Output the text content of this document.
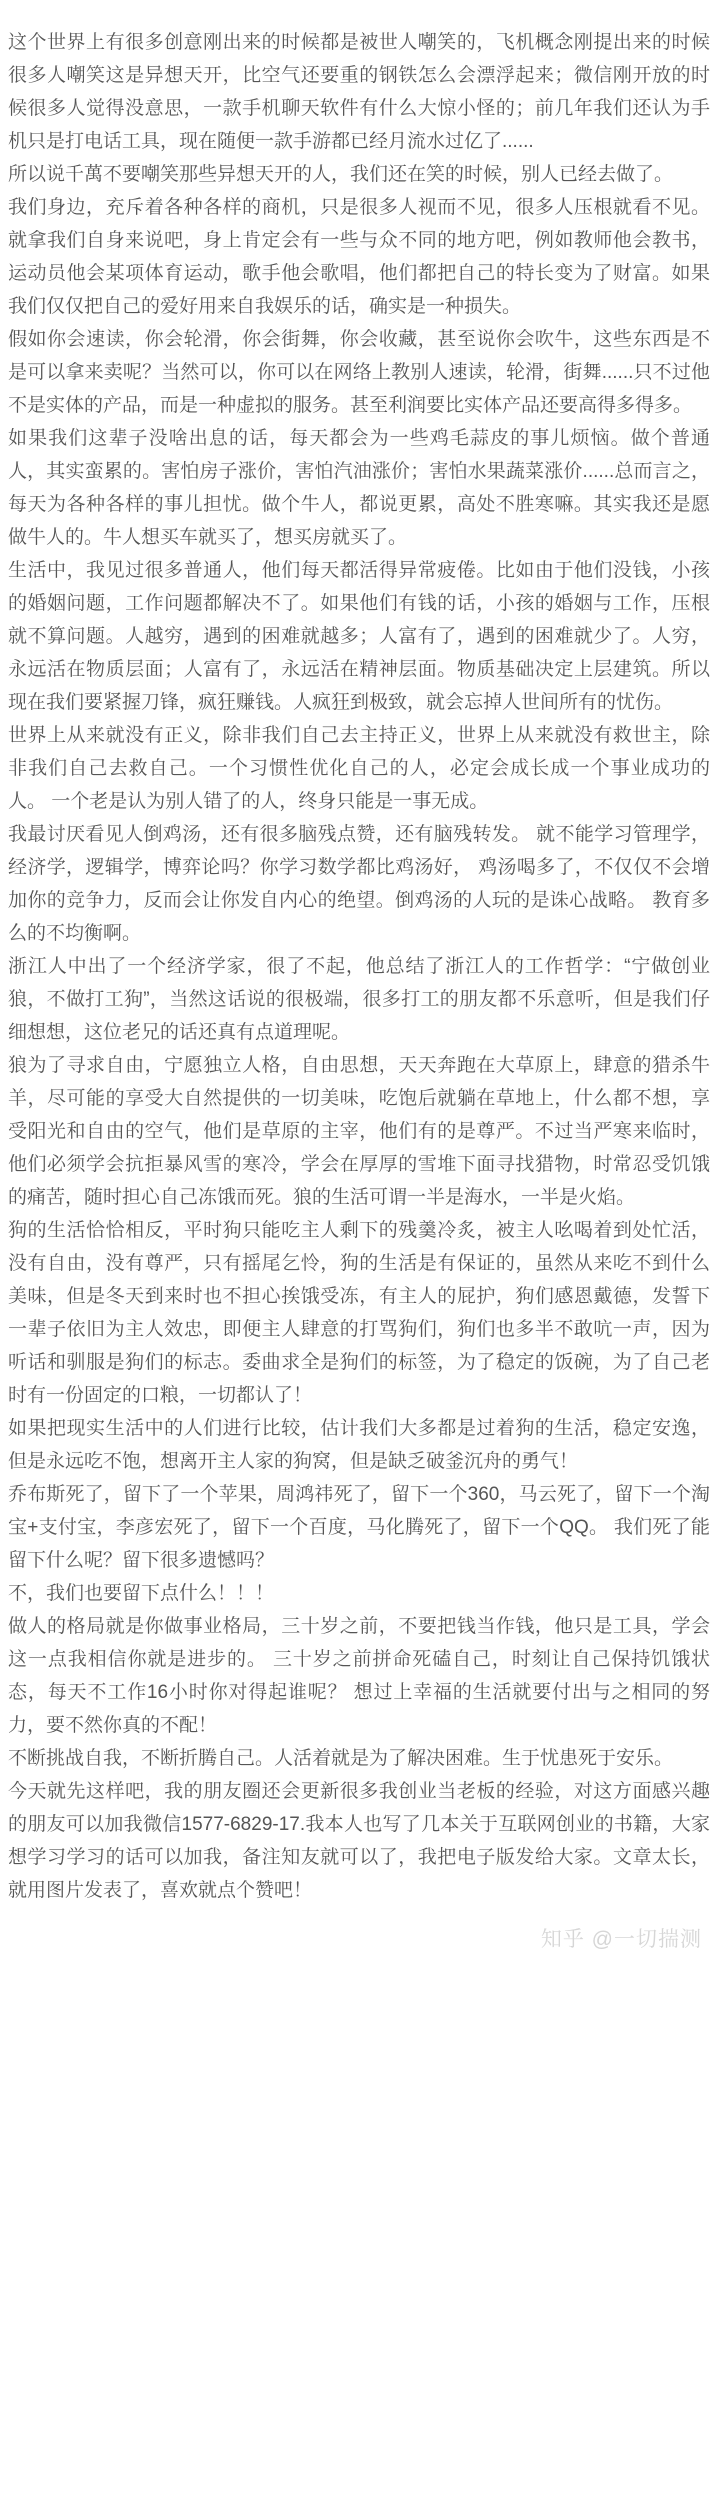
这个世界上有很多创意刚出来的时候都是被世人嘲笑的，飞机概念刚提出来的时候很多人嘲笑这是异想天开，比空气还要重的钢铁怎么会漂浮起来；微信刚开放的时候很多人觉得没意思，一款手机聊天软件有什么大惊小怪的；前几年我们还认为手机只是打电话工具，现在随便一款手游都已经月流水过亿了......

所以说千萬不要嘲笑那些异想天开的人，我们还在笑的时候，别人已经去做了。

我们身边，充斥着各种各样的商机，只是很多人视而不见，很多人压根就看不见。就拿我们自身来说吧，身上肯定会有一些与众不同的地方吧，例如教师他会教书，运动员他会某项体育运动，歌手他会歌唱，他们都把自己的特长变为了财富。如果我们仅仅把自己的爱好用来自我娱乐的话，确实是一种损失。

假如你会速读，你会轮滑，你会街舞，你会收藏，甚至说你会吹牛，这些东西是不是可以拿来卖呢？当然可以，你可以在网络上教别人速读，轮滑，街舞......只不过他不是实体的产品，而是一种虚拟的服务。甚至利润要比实体产品还要高得多得多。

如果我们这辈子没啥出息的话，每天都会为一些鸡毛蒜皮的事儿烦恼。做个普通人，其实蛮累的。害怕房子涨价，害怕汽油涨价；害怕水果蔬菜涨价......总而言之，每天为各种各样的事儿担忧。做个牛人，都说更累，高处不胜寒嘛。其实我还是愿做牛人的。牛人想买车就买了，想买房就买了。

生活中，我见过很多普通人，他们每天都活得异常疲倦。比如由于他们没钱，小孩的婚姻问题，工作问题都解决不了。如果他们有钱的话，小孩的婚姻与工作，压根就不算问题。人越穷，遇到的困难就越多；人富有了，遇到的困难就少了。人穷，永远活在物质层面；人富有了，永远活在精神层面。物质基础决定上层建筑。所以现在我们要紧握刀锋，疯狂赚钱。人疯狂到极致，就会忘掉人世间所有的忧伤。

世界上从来就没有正义，除非我们自己去主持正义，世界上从来就没有救世主，除非我们自己去救自己。一个习惯性优化自己的人，必定会成长成一个事业成功的人。 一个老是认为别人错了的人，终身只能是一事无成。

我最讨厌看见人倒鸡汤，还有很多脑残点赞，还有脑残转发。 就不能学习管理学，经济学，逻辑学，博弈论吗？你学习数学都比鸡汤好， 鸡汤喝多了，不仅仅不会增加你的竞争力，反而会让你发自内心的绝望。倒鸡汤的人玩的是诛心战略。 教育多么的不均衡啊。

浙江人中出了一个经济学家，很了不起，他总结了浙江人的工作哲学：“宁做创业狼，不做打工狗”，当然这话说的很极端，很多打工的朋友都不乐意听，但是我们仔细想想，这位老兄的话还真有点道理呢。

狼为了寻求自由，宁愿独立人格，自由思想，天天奔跑在大草原上，肆意的猎杀牛羊，尽可能的享受大自然提供的一切美味，吃饱后就躺在草地上，什么都不想，享受阳光和自由的空气，他们是草原的主宰，他们有的是尊严。不过当严寒来临时，他们必须学会抗拒暴风雪的寒冷，学会在厚厚的雪堆下面寻找猎物，时常忍受饥饿的痛苦，随时担心自己冻饿而死。狼的生活可谓一半是海水，一半是火焰。

狗的生活恰恰相反，平时狗只能吃主人剩下的残羹冷炙，被主人吆喝着到处忙活，没有自由，没有尊严，只有摇尾乞怜，狗的生活是有保证的，虽然从来吃不到什么美味，但是冬天到来时也不担心挨饿受冻，有主人的屁护，狗们感恩戴德，发誓下一辈子依旧为主人效忠，即便主人肆意的打骂狗们，狗们也多半不敢吭一声，因为听话和驯服是狗们的标志。委曲求全是狗们的标签，为了稳定的饭碗，为了自己老时有一份固定的口粮，一切都认了！

如果把现实生活中的人们进行比较，估计我们大多都是过着狗的生活，稳定安逸，但是永远吃不饱，想离开主人家的狗窝，但是缺乏破釜沉舟的勇气！

乔布斯死了，留下了一个苹果，周鸿祎死了，留下一个360，马云死了，留下一个淘宝+支付宝，李彦宏死了，留下一个百度，马化腾死了，留下一个QQ。 我们死了能留下什么呢？留下很多遗憾吗？

不，我们也要留下点什么！！！

做人的格局就是你做事业格局，三十岁之前，不要把钱当作钱，他只是工具，学会这一点我相信你就是进步的。 三十岁之前拼命死磕自己，时刻让自己保持饥饿状态，每天不工作16小时你对得起谁呢？ 想过上幸福的生活就要付出与之相同的努力，要不然你真的不配！

不断挑战自我，不断折腾自己。人活着就是为了解决困难。生于忧患死于安乐。

今天就先这样吧，我的朋友圈还会更新很多我创业当老板的经验，对这方面感兴趣的朋友可以加我微信1577-6829-17.我本人也写了几本关于互联网创业的书籍，大家想学习学习的话可以加我，备注知友就可以了，我把电子版发给大家。文章太长，就用图片发表了，喜欢就点个赞吧！

知乎 @一切揣测
